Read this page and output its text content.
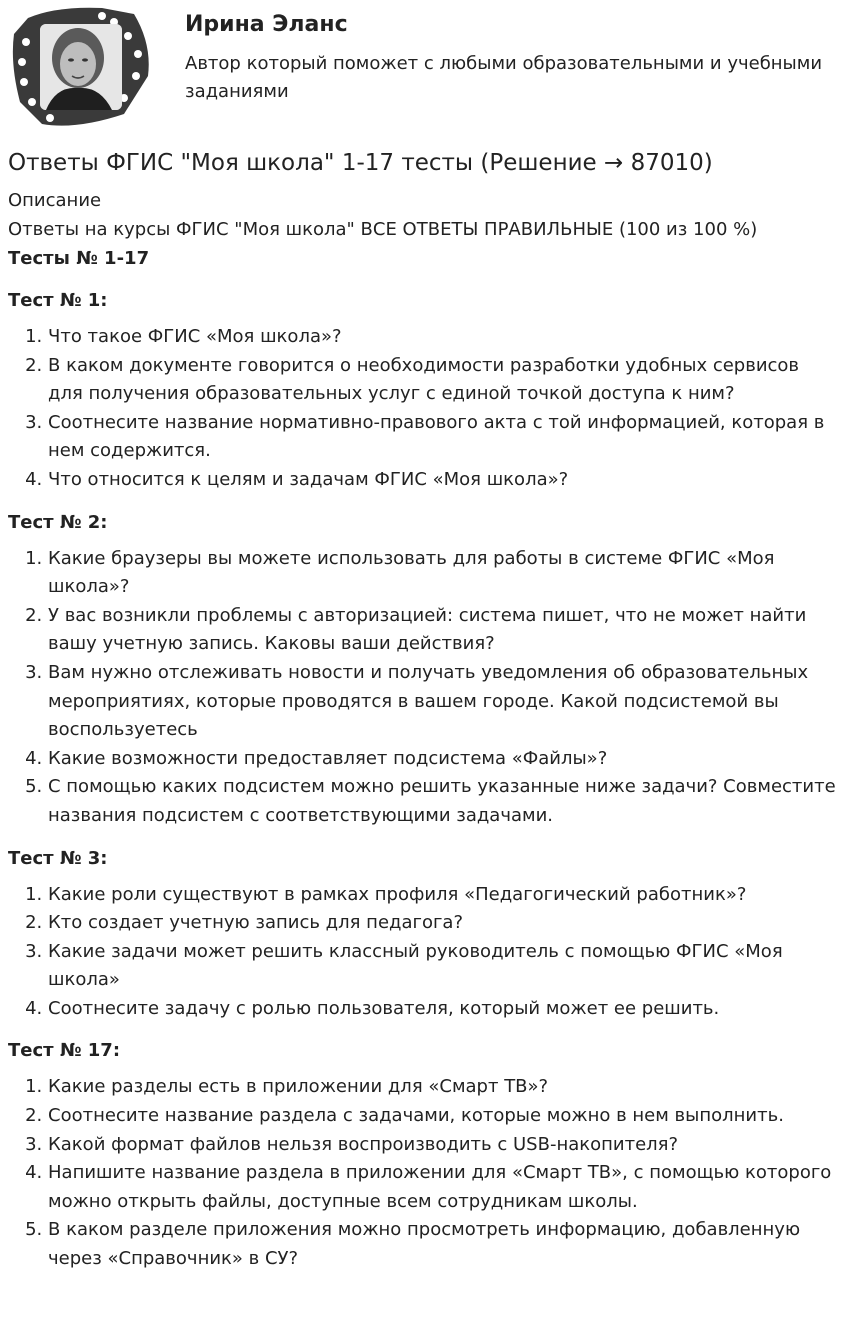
Ирина Эланс

Автор который поможет с любыми образовательными и учебными заданиями

Ответы ФГИС "Моя школа" 1-17 тесты (Решение → 87010)

Описание

Ответы на курсы ФГИС "Моя школа" ВСЕ ОТВЕТЫ ПРАВИЛЬНЫЕ (100 из 100 %)

Тесты № 1-17

Тест № 1:
1. Что такое ФГИС «Моя школа»?
2. В каком документе говорится о необходимости разработки удобных сервисов для получения образовательных услуг с единой точкой доступа к ним?
3. Соотнесите название нормативно-правового акта с той информацией, которая в нем содержится.
4. Что относится к целям и задачам ФГИС «Моя школа»?
Тест № 2:
1. Какие браузеры вы можете использовать для работы в системе ФГИС «Моя школа»?
2. У вас возникли проблемы с авторизацией: система пишет, что не может найти вашу учетную запись. Каковы ваши действия?
3. Вам нужно отслеживать новости и получать уведомления об образовательных мероприятиях, которые проводятся в вашем городе. Какой подсистемой вы воспользуетесь
4. Какие возможности предоставляет подсистема «Файлы»?
5. С помощью каких подсистем можно решить указанные ниже задачи? Совместите названия подсистем с соответствующими задачами.
Тест № 3:
1. Какие роли существуют в рамках профиля «Педагогический работник»?
2. Кто создает учетную запись для педагога?
3. Какие задачи может решить классный руководитель с помощью ФГИС «Моя школа»
4. Соотнесите задачу с ролью пользователя, который может ее решить.
Тест № 17:
1. Какие разделы есть в приложении для «Смарт ТВ»?
2. Соотнесите название раздела с задачами, которые можно в нем выполнить.
3. Какой формат файлов нельзя воспроизводить с USB-накопителя?
4. Напишите название раздела в приложении для «Смарт ТВ», с помощью которого можно открыть файлы, доступные всем сотрудникам школы.
5. В каком разделе приложения можно просмотреть информацию, добавленную через «Справочник» в СУ?
